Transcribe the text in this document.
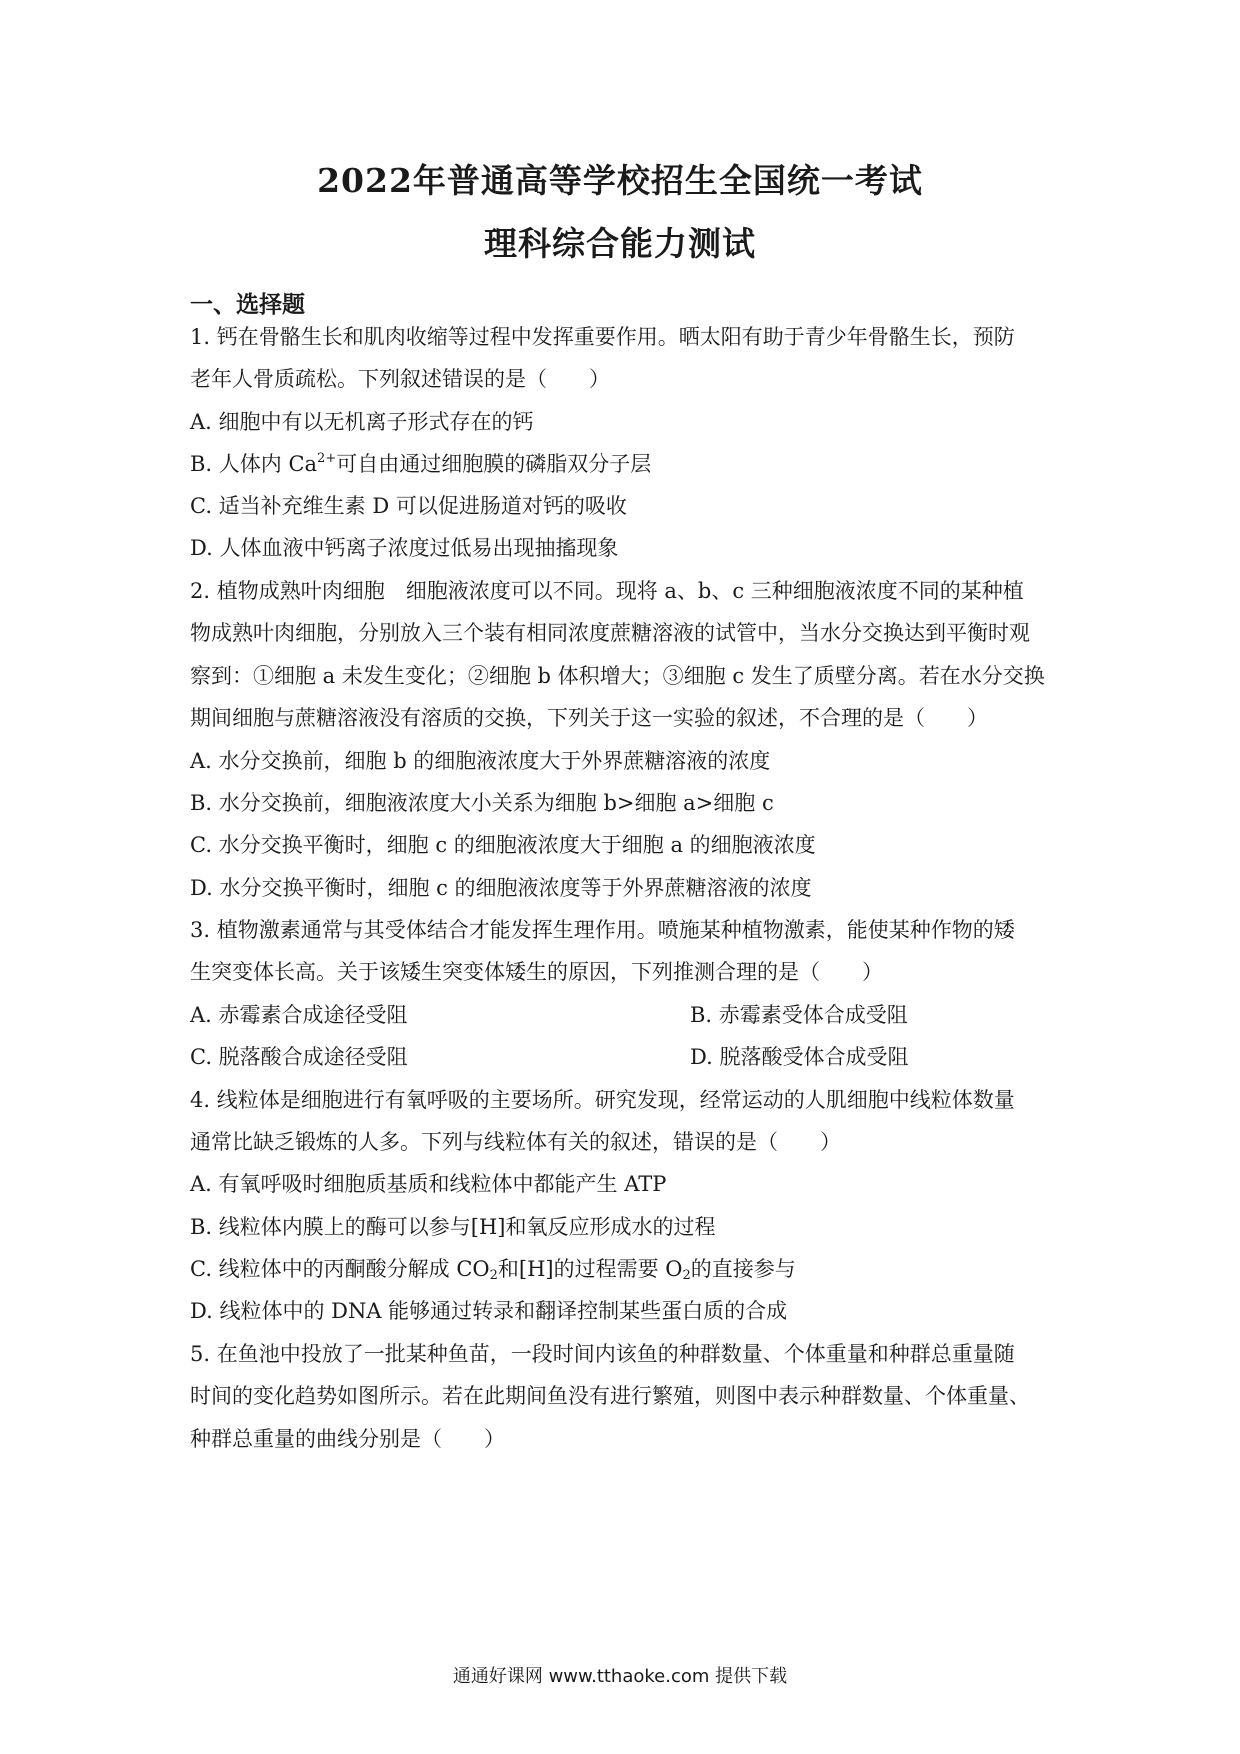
2022年普通高等学校招生全国统一考试
理科综合能力测试
一、选择题
1. 钙在骨骼生长和肌肉收缩等过程中发挥重要作用。晒太阳有助于青少年骨骼生长，预防
老年人骨质疏松。下列叙述错误的是（　　）
A. 细胞中有以无机离子形式存在的钙
B. 人体内 $Ca^{2+}$可自由通过细胞膜的磷脂双分子层
C. 适当补充维生素 D 可以促进肠道对钙的吸收
D. 人体血液中钙离子浓度过低易出现抽搐现象
2. 植物成熟叶肉细胞　细胞液浓度可以不同。现将 a、b、c 三种细胞液浓度不同的某种植
物成熟叶肉细胞，分别放入三个装有相同浓度蔗糖溶液的试管中，当水分交换达到平衡时观
察到：①细胞 a 未发生变化；②细胞 b 体积增大；③细胞 c 发生了质壁分离。若在水分交换
期间细胞与蔗糖溶液没有溶质的交换，下列关于这一实验的叙述，不合理的是（　　）
A. 水分交换前，细胞 b 的细胞液浓度大于外界蔗糖溶液的浓度
B. 水分交换前，细胞液浓度大小关系为细胞 b>细胞 a>细胞 c
C. 水分交换平衡时，细胞 c 的细胞液浓度大于细胞 a 的细胞液浓度
D. 水分交换平衡时，细胞 c 的细胞液浓度等于外界蔗糖溶液的浓度
3. 植物激素通常与其受体结合才能发挥生理作用。喷施某种植物激素，能使某种作物的矮
生突变体长高。关于该矮生突变体矮生的原因，下列推测合理的是（　　）
A. 赤霉素合成途径受阻	B. 赤霉素受体合成受阻
C. 脱落酸合成途径受阻	D. 脱落酸受体合成受阻
4. 线粒体是细胞进行有氧呼吸的主要场所。研究发现，经常运动的人肌细胞中线粒体数量
通常比缺乏锻炼的人多。下列与线粒体有关的叙述，错误的是（　　）
A. 有氧呼吸时细胞质基质和线粒体中都能产生 ATP
B. 线粒体内膜上的酶可以参与[H]和氧反应形成水的过程
C. 线粒体中的丙酮酸分解成 $CO_2$和[H]的过程需要 $O_2$的直接参与
D. 线粒体中的 DNA 能够通过转录和翻译控制某些蛋白质的合成
5. 在鱼池中投放了一批某种鱼苗，一段时间内该鱼的种群数量、个体重量和种群总重量随
时间的变化趋势如图所示。若在此期间鱼没有进行繁殖，则图中表示种群数量、个体重量、
种群总重量的曲线分别是（　　）
通通好课网 www.tthaoke.com 提供下载
